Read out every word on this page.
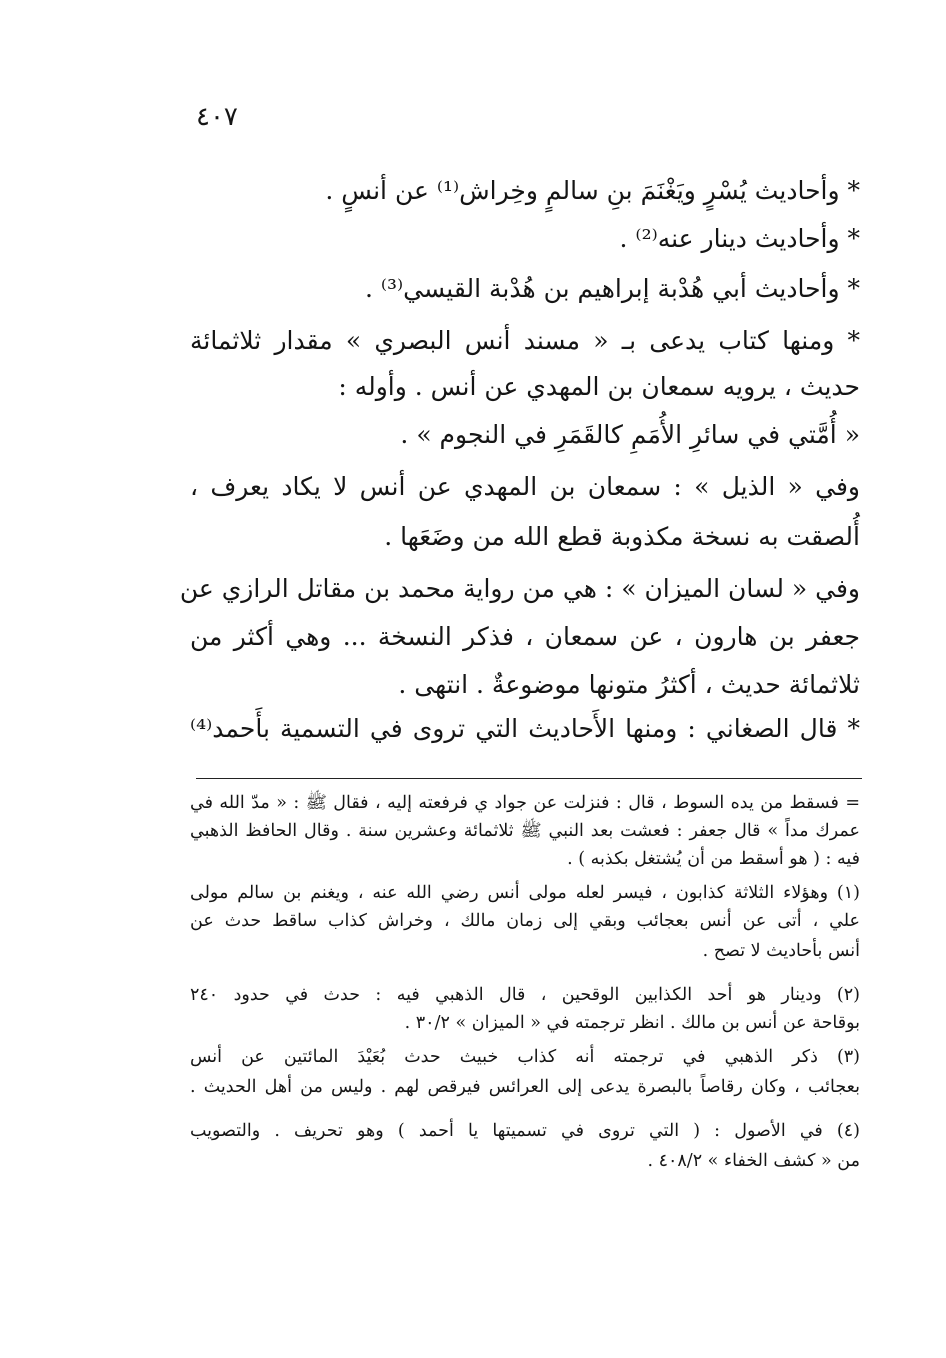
٤٠٧
* وأحاديث يُسْرٍ ويَغْنَمَ بنِ سالمٍ وخِراش⁽¹⁾ عن أنسٍ .
* وأحاديث دينار عنه⁽²⁾ .
* وأحاديث أبي هُدْبة إبراهيم بن هُدْبة القيسي⁽³⁾ .
* ومنها كتاب يدعى بـ « مسند أنس البصري » مقدار ثلاثمائة
حديث ، يرويه سمعان بن المهدي عن أنس . وأوله :
« أُمَّتي في سائرِ الأُمَمِ كالقَمَرِ في النجوم » .
وفي « الذيل » : سمعان بن المهدي عن أنس لا يكاد يعرف ،
أُلصقت به نسخة مكذوبة قطع الله من وضَعَها .
وفي « لسان الميزان » : هي من رواية محمد بن مقاتل الرازي عن
جعفر بن هارون ، عن سمعان ، فذكر النسخة ... وهي أكثر من
ثلاثمائة حديث ، أكثرُ متونها موضوعةٌ . انتهى .
* قال الصغاني : ومنها الأَحاديث التي تروى في التسمية بأَحمد⁽⁴⁾
= فسقط من يده السوط ، قال : فنزلت عن جواد ي فرفعته إليه ، فقال ﷺ : « مدّ الله في
عمرك مداً » قال جعفر : فعشت بعد النبي ﷺ ثلاثمائة وعشرين سنة . وقال الحافظ الذهبي
فيه : ( هو أسقط من أن يُشتغل بكذبه ) .
(١) وهؤلاء الثلاثة كذابون ، فيسر لعله مولى أنس رضي الله عنه ، ويغنم بن سالم مولى
علي ، أتى عن أنس بعجائب وبقي إلى زمان مالك ، وخراش كذاب ساقط حدث عن
أنس بأحاديث لا تصح .
(٢) ودينار هو أحد الكذابين الوقحين ، قال الذهبي فيه : حدث في حدود ٢٤٠
بوقاحة عن أنس بن مالك . انظر ترجمته في « الميزان » ٣٠/٢ .
(٣) ذكر الذهبي في ترجمته أنه كذاب خبيث حدث بُعَيْدَ المائتين عن أنس
بعجائب ، وكان رقاصاً بالبصرة يدعى إلى العرائس فيرقص لهم . وليس من أهل الحديث .
(٤) في الأصول : ( التي تروى في تسميتها يا أحمد ) وهو تحريف . والتصويب
من « كشف الخفاء » ٤٠٨/٢ .
